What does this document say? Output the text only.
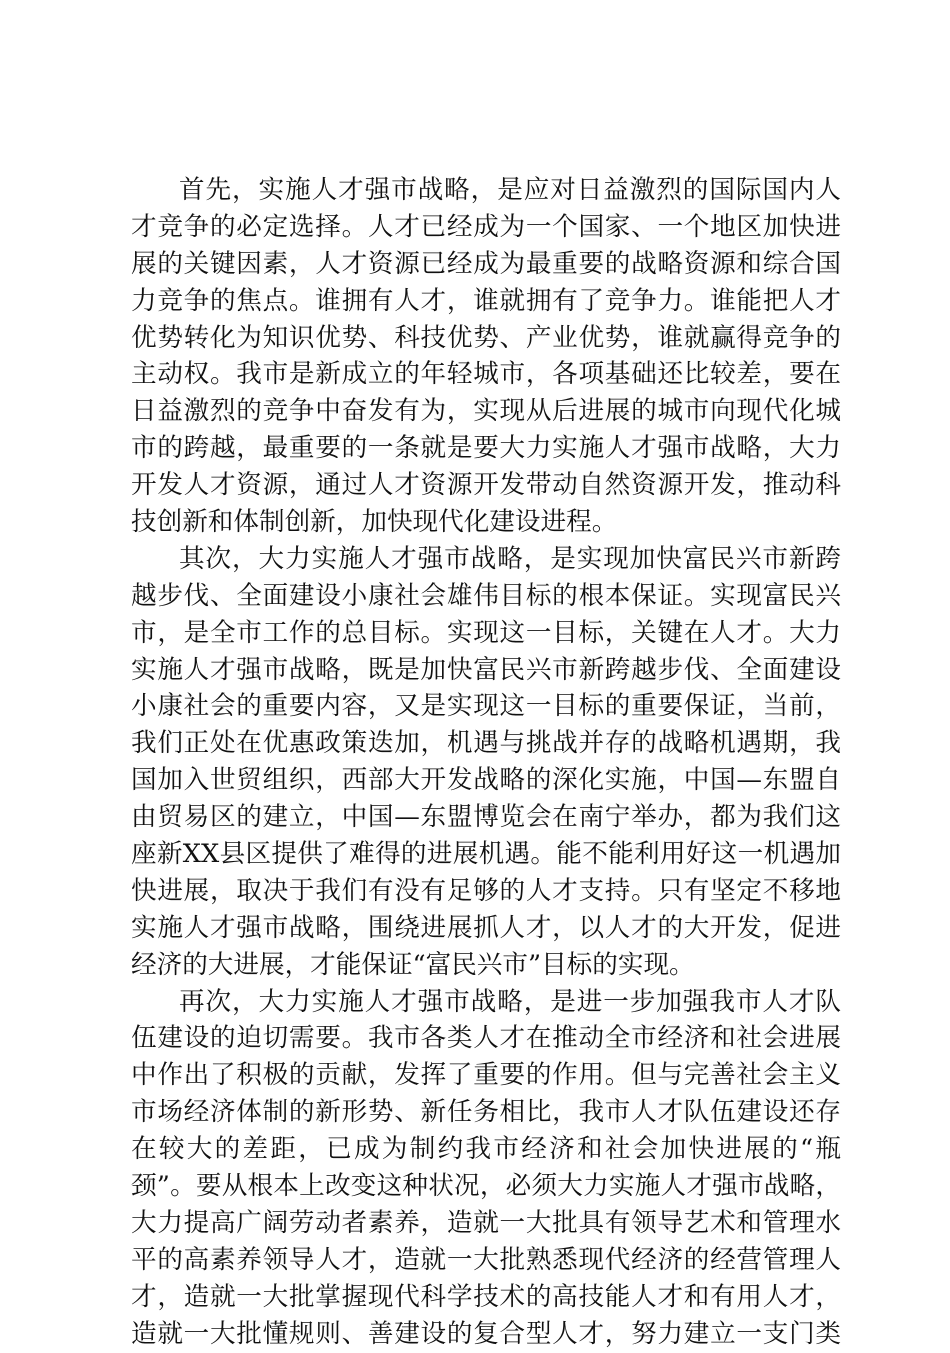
首先，实施人才强市战略，是应对日益激烈的国际国内人
才竞争的必定选择。人才已经成为一个国家、一个地区加快进
展的关键因素，人才资源已经成为最重要的战略资源和综合国
力竞争的焦点。谁拥有人才，谁就拥有了竞争力。谁能把人才
优势转化为知识优势、科技优势、产业优势，谁就赢得竞争的
主动权。我市是新成立的年轻城市，各项基础还比较差，要在
日益激烈的竞争中奋发有为，实现从后进展的城市向现代化城
市的跨越，最重要的一条就是要大力实施人才强市战略，大力
开发人才资源，通过人才资源开发带动自然资源开发，推动科
技创新和体制创新，加快现代化建设进程。
其次，大力实施人才强市战略，是实现加快富民兴市新跨
越步伐、全面建设小康社会雄伟目标的根本保证。实现富民兴
市，是全市工作的总目标。实现这一目标，关键在人才。大力
实施人才强市战略，既是加快富民兴市新跨越步伐、全面建设
小康社会的重要内容，又是实现这一目标的重要保证，当前，
我们正处在优惠政策迭加，机遇与挑战并存的战略机遇期，我
国加入世贸组织，西部大开发战略的深化实施，中国—东盟自
由贸易区的建立，中国—东盟博览会在南宁举办，都为我们这
座新XX县区提供了难得的进展机遇。能不能利用好这一机遇加
快进展，取决于我们有没有足够的人才支持。只有坚定不移地
实施人才强市战略，围绕进展抓人才，以人才的大开发，促进
经济的大进展，才能保证“富民兴市”目标的实现。
再次，大力实施人才强市战略，是进一步加强我市人才队
伍建设的迫切需要。我市各类人才在推动全市经济和社会进展
中作出了积极的贡献，发挥了重要的作用。但与完善社会主义
市场经济体制的新形势、新任务相比，我市人才队伍建设还存
在较大的差距，已成为制约我市经济和社会加快进展的“瓶
颈”。要从根本上改变这种状况，必须大力实施人才强市战略，
大力提高广阔劳动者素养，造就一大批具有领导艺术和管理水
平的高素养领导人才，造就一大批熟悉现代经济的经营管理人
才，造就一大批掌握现代科学技术的高技能人才和有用人才，
造就一大批懂规则、善建设的复合型人才，努力建立一支门类
